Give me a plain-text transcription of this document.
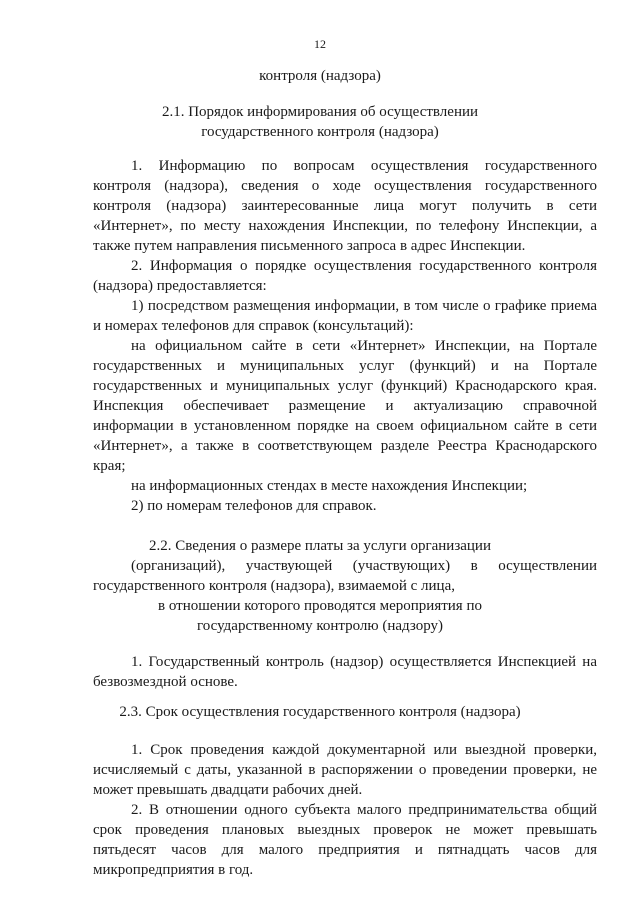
12
контроля (надзора)
2.1. Порядок информирования об осуществлении
государственного контроля (надзора)
1. Информацию по вопросам осуществления государственного
контроля (надзора), сведения о ходе осуществления государственного
контроля (надзора) заинтересованные лица могут получить в сети
«Интернет», по месту нахождения Инспекции, по телефону Инспекции, а
также путем направления письменного запроса в адрес Инспекции.
2. Информация о порядке осуществления государственного контроля
(надзора) предоставляется:
1) посредством размещения информации, в том числе о графике приема
и номерах телефонов для справок (консультаций):
на официальном сайте в сети «Интернет» Инспекции, на Портале
государственных и муниципальных услуг (функций) и на Портале
государственных и муниципальных услуг (функций) Краснодарского края.
Инспекция обеспечивает размещение и актуализацию справочной
информации в установленном порядке на своем официальном сайте в сети
«Интернет», а также в соответствующем разделе Реестра Краснодарского
края;
на информационных стендах в месте нахождения Инспекции;
2) по номерам телефонов для справок.
2.2. Сведения о размере платы за услуги организации
(организаций), участвующей (участвующих) в осуществлении
государственного контроля (надзора), взимаемой с лица,
в отношении которого проводятся мероприятия по
государственному контролю (надзору)
1. Государственный контроль (надзор) осуществляется Инспекцией на
безвозмездной основе.
2.3. Срок осуществления государственного контроля (надзора)
1. Срок проведения каждой документарной или выездной проверки,
исчисляемый с даты, указанной в распоряжении о проведении проверки, не
может превышать двадцати рабочих дней.
2. В отношении одного субъекта малого предпринимательства общий
срок проведения плановых выездных проверок не может превышать
пятьдесят часов для малого предприятия и пятнадцать часов для
микропредприятия в год.
